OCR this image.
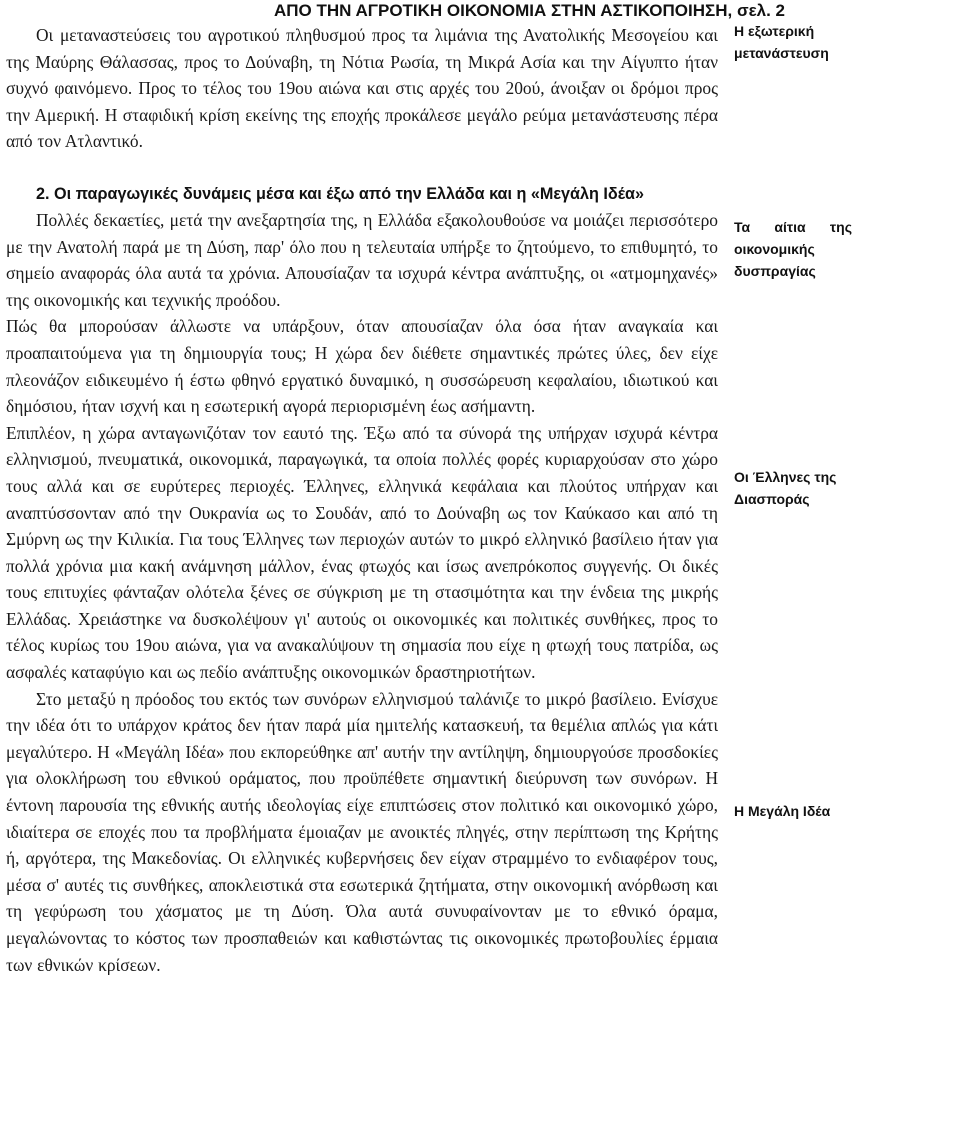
ΑΠΟ ΤΗΝ ΑΓΡΟΤΙΚΗ ΟΙΚΟΝΟΜΙΑ ΣΤΗΝ ΑΣΤΙΚΟΠΟΙΗΣΗ, σελ. 2

Οι μεταναστεύσεις του αγροτικού πληθυσμού προς τα λιμάνια της Ανατολικής Μεσογείου και της Μαύρης Θάλασσας, προς το Δούναβη, τη Νότια Ρωσία, τη Μικρά Ασία και την Αίγυπτο ήταν συχνό φαινόμενο. Προς το τέλος του 19ου αιώνα και στις αρχές του 20ού, άνοιξαν οι δρόμοι προς την Αμερική. Η σταφιδική κρίση εκείνης της εποχής προκάλεσε μεγάλο ρεύμα μετανάστευσης πέρα από τον Ατλαντικό.

2. Οι παραγωγικές δυνάμεις μέσα και έξω από την Ελλάδα και η «Μεγάλη Ιδέα»

Πολλές δεκαετίες, μετά την ανεξαρτησία της, η Ελλάδα εξακολουθούσε να μοιάζει περισσότερο με την Ανατολή παρά με τη Δύση, παρ' όλο που η τελευταία υπήρξε το ζητούμενο, το επιθυμητό, το σημείο αναφοράς όλα αυτά τα χρόνια. Απουσίαζαν τα ισχυρά κέντρα ανάπτυξης, οι «ατμομηχανές» της οικονομικής και τεχνικής προόδου.

Πώς θα μπορούσαν άλλωστε να υπάρξουν, όταν απουσίαζαν όλα όσα ήταν αναγκαία και προαπαιτούμενα για τη δημιουργία τους; Η χώρα δεν διέθετε σημαντικές πρώτες ύλες, δεν είχε πλεονάζον ειδικευμένο ή έστω φθηνό εργατικό δυναμικό, η συσσώρευση κεφαλαίου, ιδιωτικού και δημόσιου, ήταν ισχνή και η εσωτερική αγορά περιορισμένη έως ασήμαντη.

Επιπλέον, η χώρα ανταγωνιζόταν τον εαυτό της. Έξω από τα σύνορά της υπήρχαν ισχυρά κέντρα ελληνισμού, πνευματικά, οικονομικά, παραγωγικά, τα οποία πολλές φορές κυριαρχούσαν στο χώρο τους αλλά και σε ευρύτερες περιοχές. Έλληνες, ελληνικά κεφάλαια και πλούτος υπήρχαν και αναπτύσσονταν από την Ουκρανία ως το Σουδάν, από το Δούναβη ως τον Καύκασο και από τη Σμύρνη ως την Κιλικία. Για τους Έλληνες των περιοχών αυτών το μικρό ελληνικό βασίλειο ήταν για πολλά χρόνια μια κακή ανάμνηση μάλλον, ένας φτωχός και ίσως ανεπρόκοπος συγγενής. Οι δικές τους επιτυχίες φάνταζαν ολότελα ξένες σε σύγκριση με τη στασιμότητα και την ένδεια της μικρής Ελλάδας. Χρειάστηκε να δυσκολέψουν γι' αυτούς οι οικονομικές και πολιτικές συνθήκες, προς το τέλος κυρίως του 19ου αιώνα, για να ανακαλύψουν τη σημασία που είχε η φτωχή τους πατρίδα, ως ασφαλές καταφύγιο και ως πεδίο ανάπτυξης οικονομικών δραστηριοτήτων.

Στο μεταξύ η πρόοδος του εκτός των συνόρων ελληνισμού ταλάνιζε το μικρό βασίλειο. Ενίσχυε την ιδέα ότι το υπάρχον κράτος δεν ήταν παρά μία ημιτελής κατασκευή, τα θεμέλια απλώς για κάτι μεγαλύτερο. Η «Μεγάλη Ιδέα» που εκπορεύθηκε απ' αυτήν την αντίληψη, δημιουργούσε προσδοκίες για ολοκλήρωση του εθνικού οράματος, που προϋπέθετε σημαντική διεύρυνση των συνόρων. Η έντονη παρουσία της εθνικής αυτής ιδεολογίας είχε επιπτώσεις στον πολιτικό και οικονομικό χώρο, ιδιαίτερα σε εποχές που τα προβλήματα έμοιαζαν με ανοικτές πληγές, στην περίπτωση της Κρήτης ή, αργότερα, της Μακεδονίας. Οι ελληνικές κυβερνήσεις δεν είχαν στραμμένο το ενδιαφέρον τους, μέσα σ' αυτές τις συνθήκες, αποκλειστικά στα εσωτερικά ζητήματα, στην οικονομική ανόρθωση και τη γεφύρωση του χάσματος με τη Δύση. Όλα αυτά συνυφαίνονταν με το εθνικό όραμα, μεγαλώνοντας το κόστος των προσπαθειών και καθιστώντας τις οικονομικές πρωτοβουλίες έρμαια των εθνικών κρίσεων.

Η εξωτερική μετανάστευση
Τα αίτια της οικονομικής δυσπραγίας
Οι Έλληνες της Διασποράς
Η Μεγάλη Ιδέα
